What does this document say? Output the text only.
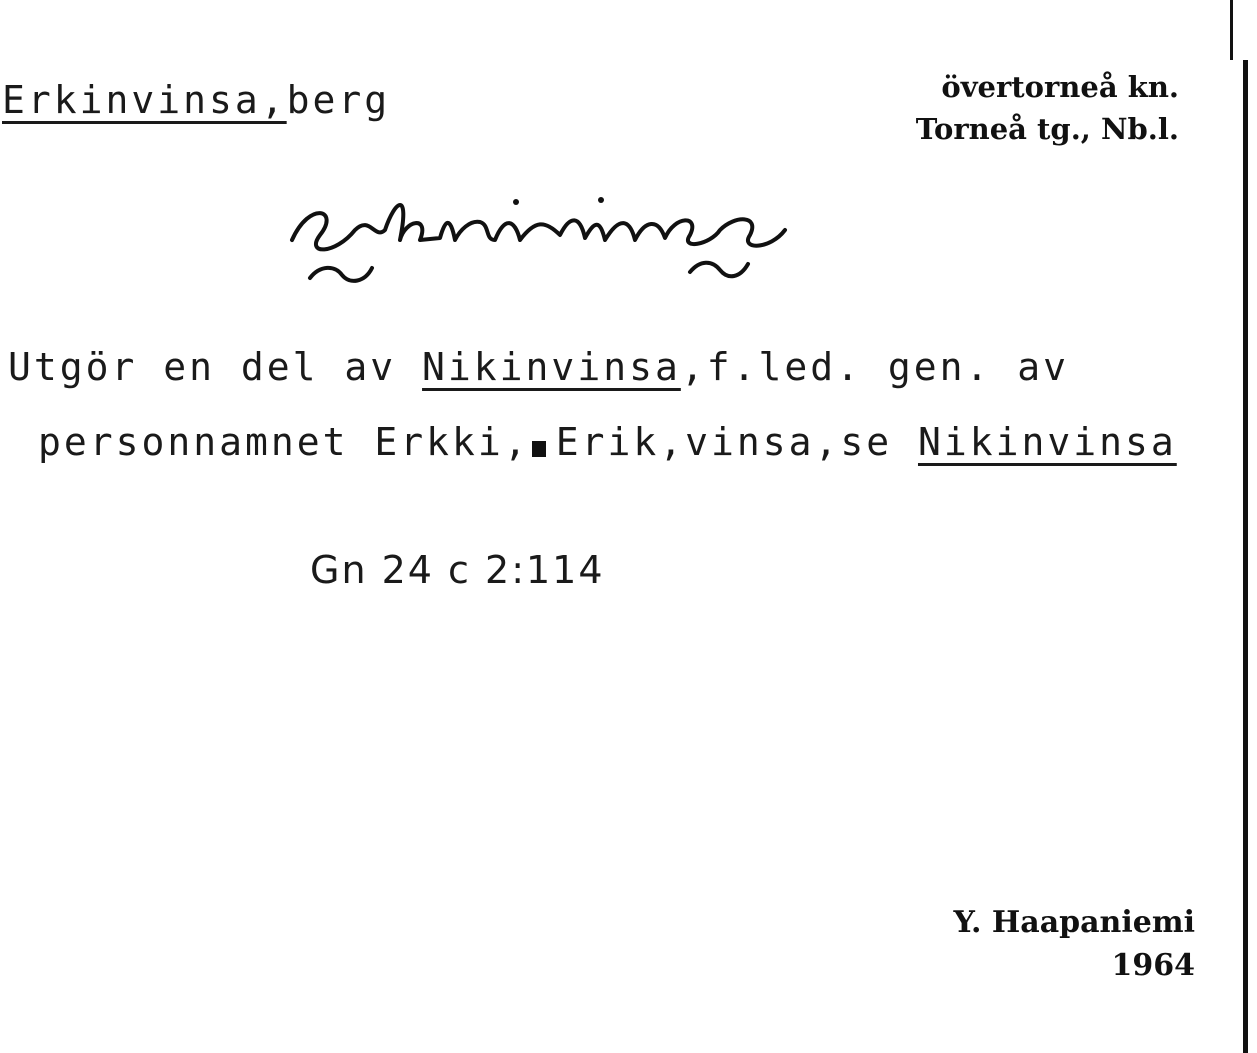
Erkinvinsa,berg	övertorneå kn.
Torneå tg., Nb.l.
Utgör en del av Nikinvinsa,f.led. gen. av
personnamnet Erkki, Erik,vinsa,se Nikinvinsa
Gn 24 c 2:114
Y. Haapaniemi
1964
